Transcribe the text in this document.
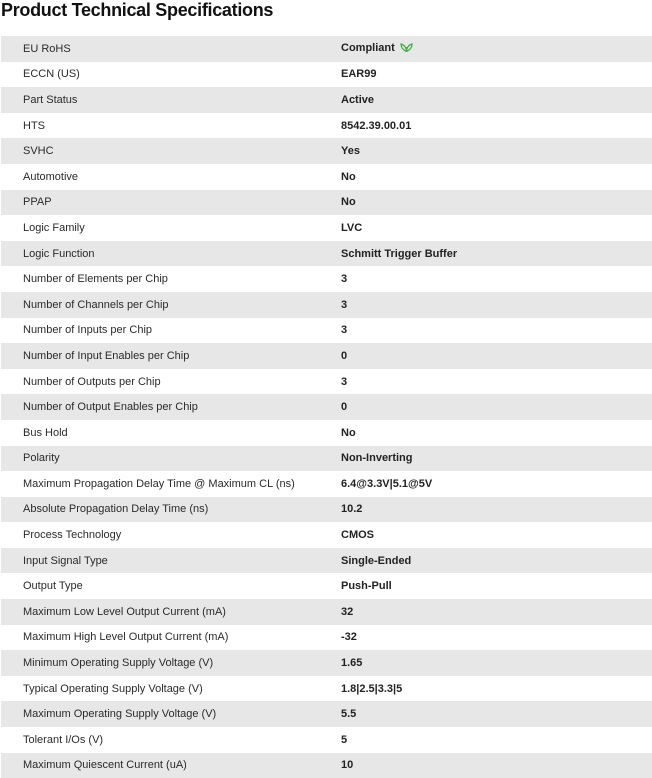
Product Technical Specifications
EU RoHS	Compliant
ECCN (US)	EAR99
Part Status	Active
HTS	8542.39.00.01
SVHC	Yes
Automotive	No
PPAP	No
Logic Family	LVC
Logic Function	Schmitt Trigger Buffer
Number of Elements per Chip	3
Number of Channels per Chip	3
Number of Inputs per Chip	3
Number of Input Enables per Chip	0
Number of Outputs per Chip	3
Number of Output Enables per Chip	0
Bus Hold	No
Polarity	Non-Inverting
Maximum Propagation Delay Time @ Maximum CL (ns)	6.4@3.3V|5.1@5V
Absolute Propagation Delay Time (ns)	10.2
Process Technology	CMOS
Input Signal Type	Single-Ended
Output Type	Push-Pull
Maximum Low Level Output Current (mA)	32
Maximum High Level Output Current (mA)	-32
Minimum Operating Supply Voltage (V)	1.65
Typical Operating Supply Voltage (V)	1.8|2.5|3.3|5
Maximum Operating Supply Voltage (V)	5.5
Tolerant I/Os (V)	5
Maximum Quiescent Current (uA)	10
